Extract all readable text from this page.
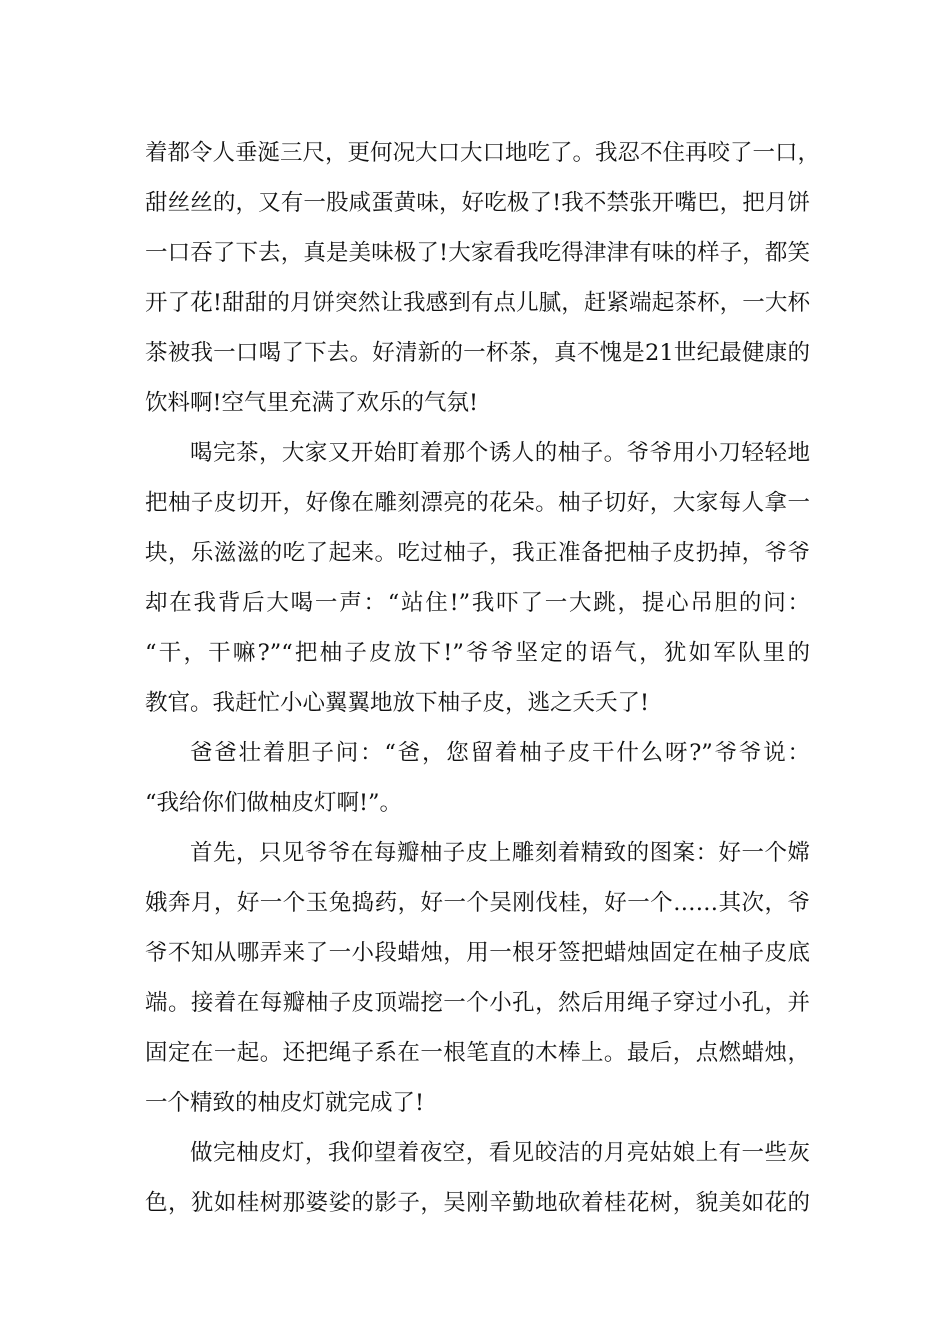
着都令人垂涎三尺，更何况大口大口地吃了。我忍不住再咬了一口，
甜丝丝的，又有一股咸蛋黄味，好吃极了!我不禁张开嘴巴，把月饼
一口吞了下去，真是美味极了!大家看我吃得津津有味的样子，都笑
开了花!甜甜的月饼突然让我感到有点儿腻，赶紧端起茶杯，一大杯
茶被我一口喝了下去。好清新的一杯茶，真不愧是21世纪最健康的
饮料啊!空气里充满了欢乐的气氛!
喝完茶，大家又开始盯着那个诱人的柚子。爷爷用小刀轻轻地
把柚子皮切开，好像在雕刻漂亮的花朵。柚子切好，大家每人拿一
块，乐滋滋的吃了起来。吃过柚子，我正准备把柚子皮扔掉，爷爷
却在我背后大喝一声：“站住!”我吓了一大跳，提心吊胆的问：
“干，干嘛?”“把柚子皮放下!”爷爷坚定的语气，犹如军队里的
教官。我赶忙小心翼翼地放下柚子皮，逃之夭夭了!
爸爸壮着胆子问：“爸，您留着柚子皮干什么呀?”爷爷说：
“我给你们做柚皮灯啊!”。
首先，只见爷爷在每瓣柚子皮上雕刻着精致的图案：好一个嫦
娥奔月，好一个玉兔捣药，好一个吴刚伐桂，好一个……其次，爷
爷不知从哪弄来了一小段蜡烛，用一根牙签把蜡烛固定在柚子皮底
端。接着在每瓣柚子皮顶端挖一个小孔，然后用绳子穿过小孔，并
固定在一起。还把绳子系在一根笔直的木棒上。最后，点燃蜡烛，
一个精致的柚皮灯就完成了!
做完柚皮灯，我仰望着夜空，看见皎洁的月亮姑娘上有一些灰
色，犹如桂树那婆娑的影子，吴刚辛勤地砍着桂花树，貌美如花的
